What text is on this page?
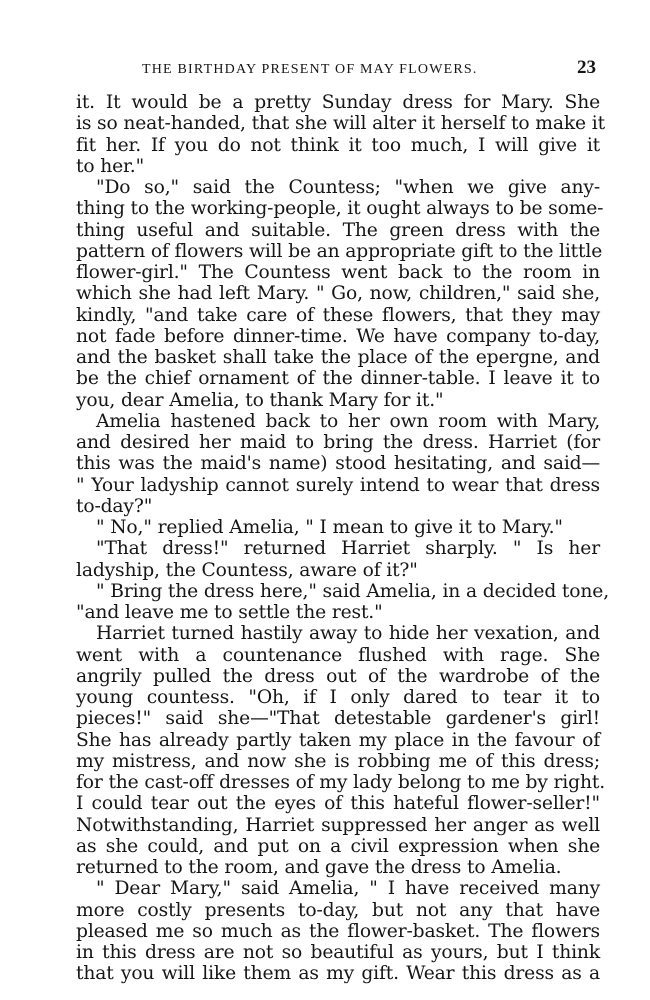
THE BIRTHDAY PRESENT OF MAY FLOWERS.	23
it. It would be a pretty Sunday dress for Mary. She
is so neat-handed, that she will alter it herself to make it
fit her. If you do not think it too much, I will give it
to her."
"Do so," said the Countess; "when we give any-
thing to the working-people, it ought always to be some-
thing useful and suitable. The green dress with the
pattern of flowers will be an appropriate gift to the little
flower-girl." The Countess went back to the room in
which she had left Mary. " Go, now, children," said she,
kindly, "and take care of these flowers, that they may
not fade before dinner-time. We have company to-day,
and the basket shall take the place of the epergne, and
be the chief ornament of the dinner-table. I leave it to
you, dear Amelia, to thank Mary for it."
Amelia hastened back to her own room with Mary,
and desired her maid to bring the dress. Harriet (for
this was the maid's name) stood hesitating, and said—
" Your ladyship cannot surely intend to wear that dress
to-day?"
" No," replied Amelia, " I mean to give it to Mary."
"That dress!" returned Harriet sharply. " Is her
ladyship, the Countess, aware of it?"
" Bring the dress here," said Amelia, in a decided tone,
"and leave me to settle the rest."
Harriet turned hastily away to hide her vexation, and
went with a countenance flushed with rage. She
angrily pulled the dress out of the wardrobe of the
young countess. "Oh, if I only dared to tear it to
pieces!" said she—"That detestable gardener's girl!
She has already partly taken my place in the favour of
my mistress, and now she is robbing me of this dress;
for the cast-off dresses of my lady belong to me by right.
I could tear out the eyes of this hateful flower-seller!"
Notwithstanding, Harriet suppressed her anger as well
as she could, and put on a civil expression when she
returned to the room, and gave the dress to Amelia.
" Dear Mary," said Amelia, " I have received many
more costly presents to-day, but not any that have
pleased me so much as the flower-basket. The flowers
in this dress are not so beautiful as yours, but I think
that you will like them as my gift. Wear this dress as a
